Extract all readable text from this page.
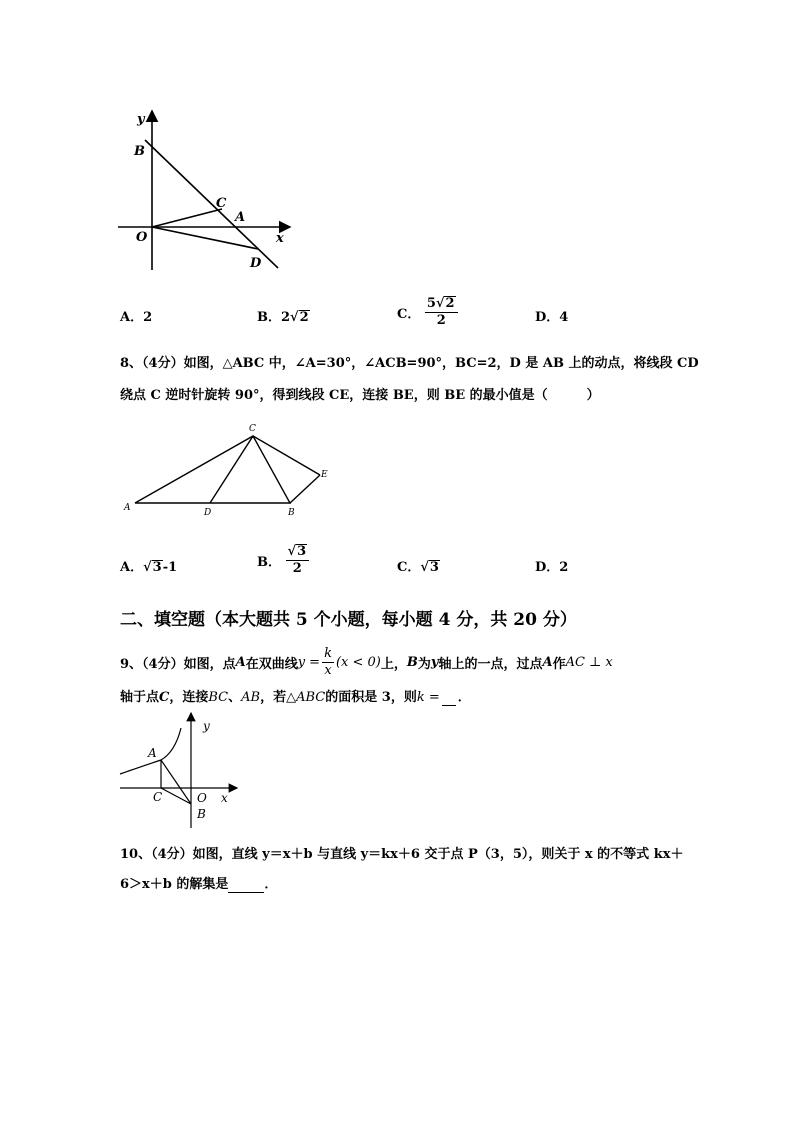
y
B
C
A
O	x
D
A．2	B．2√2	C． $\frac{5√2}{2}$	D．4
8、（4分）如图，△ABC 中，∠A=30°，∠ACB=90°，BC=2，D 是 AB 上的动点，将线段 CD
绕点 C 逆时针旋转 90°，得到线段 CE，连接 BE，则 BE 的最小值是（　　　）
C
E
A	D	B
A．√3-1	B． $\frac{√3}{2}$	C．√3	D．2
二、填空题（本大题共 5 个小题，每小题 4 分，共 20 分）
9、（4分）如图，点 A 在双曲线 $y = \frac{k}{x} (x < 0)$ 上， B 为 y 轴上的一点，过点 A 作 AC ⊥ x
轴于点C，连接BC、AB，若△ABC的面积是 3，则k = ．
y
A
C	O x
B
10、（4分）如图，直线 y＝x＋b 与直线 y＝kx＋6 交于点 P（3，5），则关于 x 的不等式 kx＋
6＞x＋b 的解集是	．
